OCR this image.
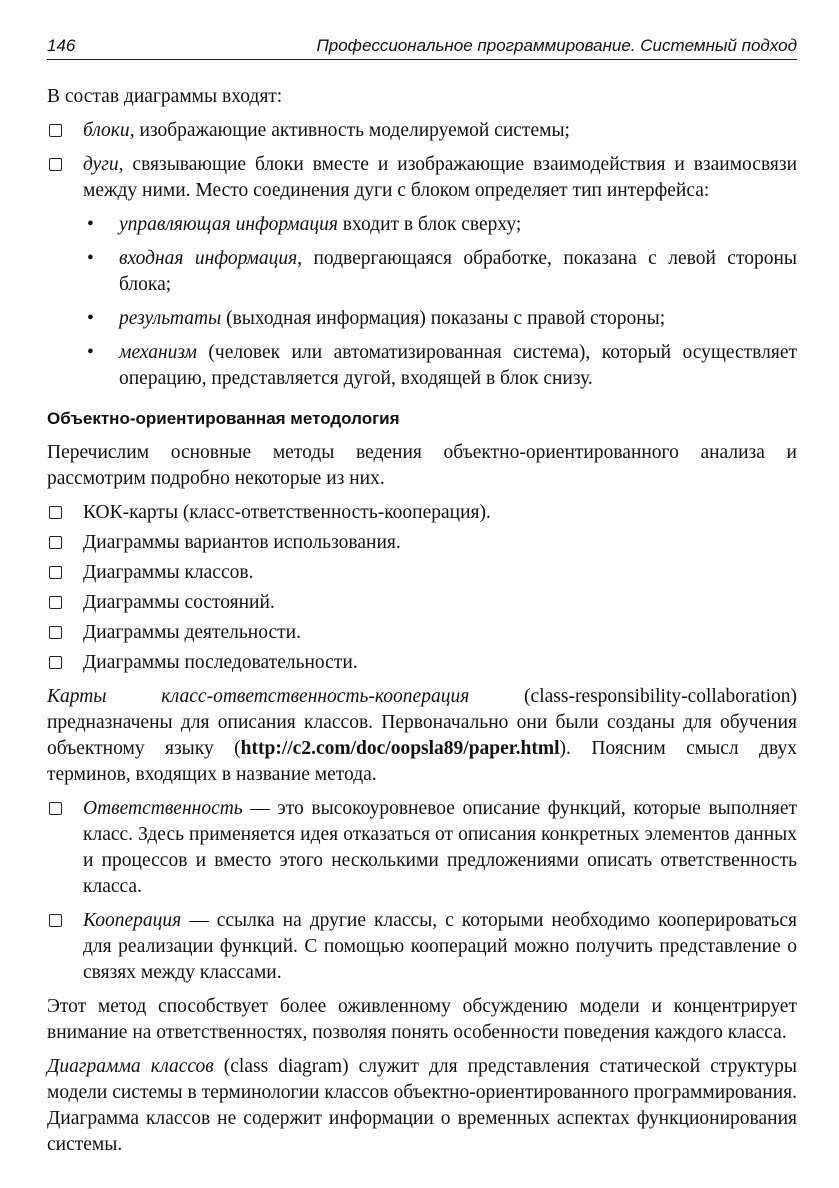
146	Профессиональное программирование. Системный подход

В состав диаграммы входят:

блоки, изображающие активность моделируемой системы;
дуги, связывающие блоки вместе и изображающие взаимодействия и взаимосвязи между ними. Место соединения дуги с блоком определяет тип интерфейса:
• управляющая информация входит в блок сверху;
• входная информация, подвергающаяся обработке, показана с левой стороны блока;
• результаты (выходная информация) показаны с правой стороны;
• механизм (человек или автоматизированная система), который осуществляет операцию, представляется дугой, входящей в блок снизу.
Объектно-ориентированная методология

Перечислим основные методы ведения объектно-ориентированного анализа и рассмотрим подробно некоторые из них.

КОК-карты (класс-ответственность-кооперация).
Диаграммы вариантов использования.
Диаграммы классов.
Диаграммы состояний.
Диаграммы деятельности.
Диаграммы последовательности.

Карты класс-ответственность-кооперация (class-responsibility-collaboration) предназначены для описания классов. Первоначально они были созданы для обучения объектному языку (http://c2.com/doc/oopsla89/paper.html). Поясним смысл двух терминов, входящих в название метода.

Ответственность — это высокоуровневое описание функций, которые выполняет класс. Здесь применяется идея отказаться от описания конкретных элементов данных и процессов и вместо этого несколькими предложениями описать ответственность класса.
Кооперация — ссылка на другие классы, с которыми необходимо кооперироваться для реализации функций. С помощью коопераций можно получить представление о связях между классами.

Этот метод способствует более оживленному обсуждению модели и концентрирует внимание на ответственностях, позволяя понять особенности поведения каждого класса.

Диаграмма классов (class diagram) служит для представления статической структуры модели системы в терминологии классов объектно-ориентированного программирования. Диаграмма классов не содержит информации о временных аспектах функционирования системы.
